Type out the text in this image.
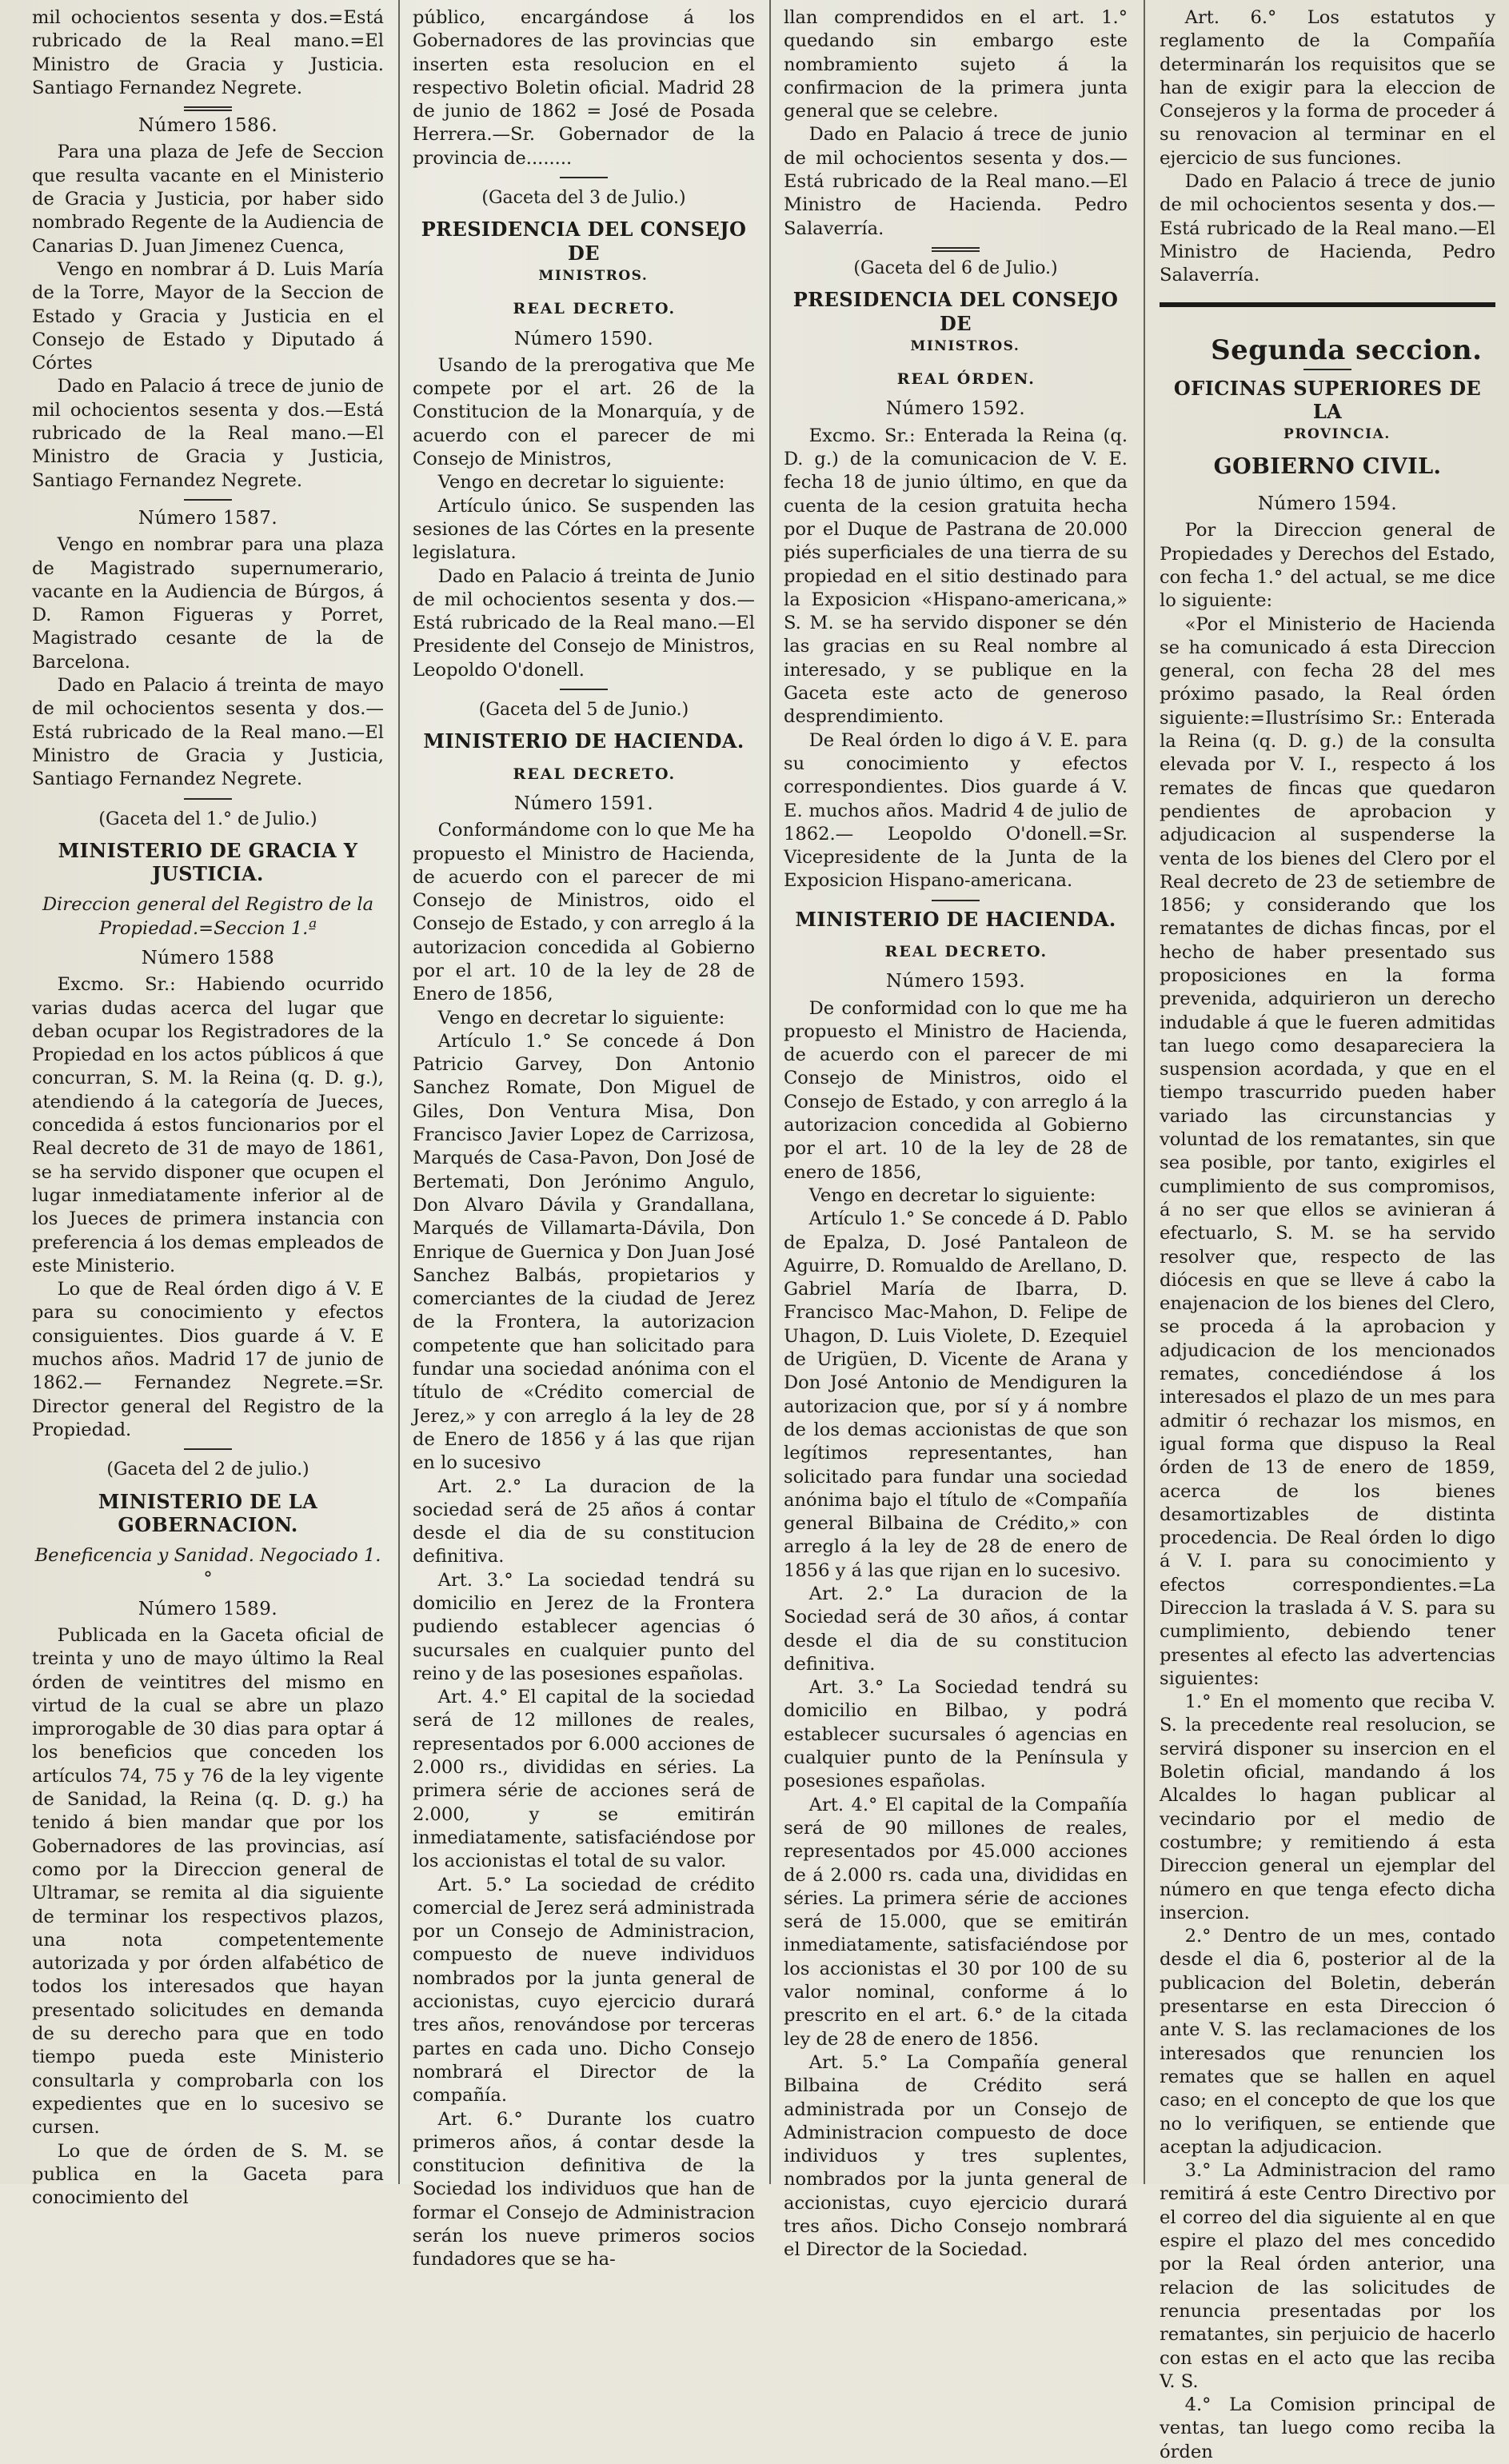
mil ochocientos sesenta y dos.=Está rubricado de la Real mano.=El Ministro de Gracia y Justicia. Santiago Fernandez Negrete.

Número 1586.

Para una plaza de Jefe de Seccion que resulta vacante en el Ministerio de Gracia y Justicia, por haber sido nombrado Regente de la Audiencia de Canarias D. Juan Jimenez Cuenca,

Vengo en nombrar á D. Luis María de la Torre, Mayor de la Seccion de Estado y Gracia y Justicia en el Consejo de Estado y Diputado á Córtes

Dado en Palacio á trece de junio de mil ochocientos sesenta y dos.—Está rubricado de la Real mano.—El Ministro de Gracia y Justicia, Santiago Fernandez Negrete.

Número 1587.

Vengo en nombrar para una plaza de Magistrado supernumerario, vacante en la Audiencia de Búrgos, á D. Ramon Figueras y Porret, Magistrado cesante de la de Barcelona.

Dado en Palacio á treinta de mayo de mil ochocientos sesenta y dos.—Está rubricado de la Real mano.—El Ministro de Gracia y Justicia, Santiago Fernandez Negrete.

(Gaceta del 1.° de Julio.)

MINISTERIO DE GRACIA Y JUSTICIA.

Direccion general del Registro de la Propiedad.=Seccion 1.ª

Número 1588

Excmo. Sr.: Habiendo ocurrido varias dudas acerca del lugar que deban ocupar los Registradores de la Propiedad en los actos públicos á que concurran, S. M. la Reina (q. D. g.), atendiendo á la categoría de Jueces, concedida á estos funcionarios por el Real decreto de 31 de mayo de 1861, se ha servido disponer que ocupen el lugar inmediatamente inferior al de los Jueces de primera instancia con preferencia á los demas empleados de este Ministerio.

Lo que de Real órden digo á V. E para su conocimiento y efectos consiguientes. Dios guarde á V. E muchos años. Madrid 17 de junio de 1862.— Fernandez Negrete.=Sr. Director general del Registro de la Propiedad.

(Gaceta del 2 de julio.)

MINISTERIO DE LA GOBERNACION.

Beneficencia y Sanidad. Negociado 1.°

Número 1589.

Publicada en la Gaceta oficial de treinta y uno de mayo último la Real órden de veintitres del mismo en virtud de la cual se abre un plazo improrogable de 30 dias para optar á los beneficios que conceden los artículos 74, 75 y 76 de la ley vigente de Sanidad, la Reina (q. D. g.) ha tenido á bien mandar que por los Gobernadores de las provincias, así como por la Direccion general de Ultramar, se remita al dia siguiente de terminar los respectivos plazos, una nota competentemente autorizada y por órden alfabético de todos los interesados que hayan presentado solicitudes en demanda de su derecho para que en todo tiempo pueda este Ministerio consultarla y comprobarla con los expedientes que en lo sucesivo se cursen.

Lo que de órden de S. M. se publica en la Gaceta para conocimiento del

público, encargándose á los Gobernadores de las provincias que inserten esta resolucion en el respectivo Boletin oficial. Madrid 28 de junio de 1862 = José de Posada Herrera.—Sr. Gobernador de la provincia de........

(Gaceta del 3 de Julio.)

PRESIDENCIA DEL CONSEJO DE

MINISTROS.

REAL DECRETO.

Número 1590.

Usando de la prerogativa que Me compete por el art. 26 de la Constitucion de la Monarquía, y de acuerdo con el parecer de mi Consejo de Ministros,

Vengo en decretar lo siguiente:

Artículo único. Se suspenden las sesiones de las Córtes en la presente legislatura.

Dado en Palacio á treinta de Junio de mil ochocientos sesenta y dos.—Está rubricado de la Real mano.—El Presidente del Consejo de Ministros, Leopoldo O'donell.

(Gaceta del 5 de Junio.)

MINISTERIO DE HACIENDA.

REAL DECRETO.

Número 1591.

Conformándome con lo que Me ha propuesto el Ministro de Hacienda, de acuerdo con el parecer de mi Consejo de Ministros, oido el Consejo de Estado, y con arreglo á la autorizacion concedida al Gobierno por el art. 10 de la ley de 28 de Enero de 1856,

Vengo en decretar lo siguiente:

Artículo 1.° Se concede á Don Patricio Garvey, Don Antonio Sanchez Romate, Don Miguel de Giles, Don Ventura Misa, Don Francisco Javier Lopez de Carrizosa, Marqués de Casa-Pavon, Don José de Bertemati, Don Jerónimo Angulo, Don Alvaro Dávila y Grandallana, Marqués de Villamarta-Dávila, Don Enrique de Guernica y Don Juan José Sanchez Balbás, propietarios y comerciantes de la ciudad de Jerez de la Frontera, la autorizacion competente que han solicitado para fundar una sociedad anónima con el título de «Crédito comercial de Jerez,» y con arreglo á la ley de 28 de Enero de 1856 y á las que rijan en lo sucesivo

Art. 2.° La duracion de la sociedad será de 25 años á contar desde el dia de su constitucion definitiva.

Art. 3.° La sociedad tendrá su domicilio en Jerez de la Frontera pudiendo establecer agencias ó sucursales en cualquier punto del reino y de las posesiones españolas.

Art. 4.° El capital de la sociedad será de 12 millones de reales, representados por 6.000 acciones de 2.000 rs., divididas en séries. La primera série de acciones será de 2.000, y se emitirán inmediatamente, satisfaciéndose por los accionistas el total de su valor.

Art. 5.° La sociedad de crédito comercial de Jerez será administrada por un Consejo de Administracion, compuesto de nueve individuos nombrados por la junta general de accionistas, cuyo ejercicio durará tres años, renovándose por terceras partes en cada uno. Dicho Consejo nombrará el Director de la compañía.

Art. 6.° Durante los cuatro primeros años, á contar desde la constitucion definitiva de la Sociedad los individuos que han de formar el Consejo de Administracion serán los nueve primeros socios fundadores que se ha-

llan comprendidos en el art. 1.° quedando sin embargo este nombramiento sujeto á la confirmacion de la primera junta general que se celebre.

Dado en Palacio á trece de junio de mil ochocientos sesenta y dos.—Está rubricado de la Real mano.—El Ministro de Hacienda. Pedro Salaverría.

(Gaceta del 6 de Julio.)

PRESIDENCIA DEL CONSEJO DE

MINISTROS.

REAL ÓRDEN.

Número 1592.

Excmo. Sr.: Enterada la Reina (q. D. g.) de la comunicacion de V. E. fecha 18 de junio último, en que da cuenta de la cesion gratuita hecha por el Duque de Pastrana de 20.000 piés superficiales de una tierra de su propiedad en el sitio destinado para la Exposicion «Hispano-americana,» S. M. se ha servido disponer se dén las gracias en su Real nombre al interesado, y se publique en la Gaceta este acto de generoso desprendimiento.

De Real órden lo digo á V. E. para su conocimiento y efectos correspondientes. Dios guarde á V. E. muchos años. Madrid 4 de julio de 1862.— Leopoldo O'donell.=Sr. Vicepresidente de la Junta de la Exposicion Hispano-americana.

MINISTERIO DE HACIENDA.

REAL DECRETO.

Número 1593.

De conformidad con lo que me ha propuesto el Ministro de Hacienda, de acuerdo con el parecer de mi Consejo de Ministros, oido el Consejo de Estado, y con arreglo á la autorizacion concedida al Gobierno por el art. 10 de la ley de 28 de enero de 1856,

Vengo en decretar lo siguiente:

Artículo 1.° Se concede á D. Pablo de Epalza, D. José Pantaleon de Aguirre, D. Romualdo de Arellano, D. Gabriel María de Ibarra, D. Francisco Mac-Mahon, D. Felipe de Uhagon, D. Luis Violete, D. Ezequiel de Urigüen, D. Vicente de Arana y Don José Antonio de Mendiguren la autorizacion que, por sí y á nombre de los demas accionistas de que son legítimos representantes, han solicitado para fundar una sociedad anónima bajo el título de «Compañía general Bilbaina de Crédito,» con arreglo á la ley de 28 de enero de 1856 y á las que rijan en lo sucesivo.

Art. 2.° La duracion de la Sociedad será de 30 años, á contar desde el dia de su constitucion definitiva.

Art. 3.° La Sociedad tendrá su domicilio en Bilbao, y podrá establecer sucursales ó agencias en cualquier punto de la Península y posesiones españolas.

Art. 4.° El capital de la Compañía será de 90 millones de reales, representados por 45.000 acciones de á 2.000 rs. cada una, divididas en séries. La primera série de acciones será de 15.000, que se emitirán inmediatamente, satisfaciéndose por los accionistas el 30 por 100 de su valor nominal, conforme á lo prescrito en el art. 6.° de la citada ley de 28 de enero de 1856.

Art. 5.° La Compañía general Bilbaina de Crédito será administrada por un Consejo de Administracion compuesto de doce individuos y tres suplentes, nombrados por la junta general de accionistas, cuyo ejercicio durará tres años. Dicho Consejo nombrará el Director de la Sociedad.

Art. 6.° Los estatutos y reglamento de la Compañía determinarán los requisitos que se han de exigir para la eleccion de Consejeros y la forma de proceder á su renovacion al terminar en el ejercicio de sus funciones.

Dado en Palacio á trece de junio de mil ochocientos sesenta y dos.—Está rubricado de la Real mano.—El Ministro de Hacienda, Pedro Salaverría.

Segunda seccion.

OFICINAS SUPERIORES DE LA

PROVINCIA.

GOBIERNO CIVIL.

Número 1594.

Por la Direccion general de Propiedades y Derechos del Estado, con fecha 1.° del actual, se me dice lo siguiente:

«Por el Ministerio de Hacienda se ha comunicado á esta Direccion general, con fecha 28 del mes próximo pasado, la Real órden siguiente:=Ilustrísimo Sr.: Enterada la Reina (q. D. g.) de la consulta elevada por V. I., respecto á los remates de fincas que quedaron pendientes de aprobacion y adjudicacion al suspenderse la venta de los bienes del Clero por el Real decreto de 23 de setiembre de 1856; y considerando que los rematantes de dichas fincas, por el hecho de haber presentado sus proposiciones en la forma prevenida, adquirieron un derecho indudable á que le fueren admitidas tan luego como desapareciera la suspension acordada, y que en el tiempo trascurrido pueden haber variado las circunstancias y voluntad de los rematantes, sin que sea posible, por tanto, exigirles el cumplimiento de sus compromisos, á no ser que ellos se avinieran á efectuarlo, S. M. se ha servido resolver que, respecto de las diócesis en que se lleve á cabo la enajenacion de los bienes del Clero, se proceda á la aprobacion y adjudicacion de los mencionados remates, concediéndose á los interesados el plazo de un mes para admitir ó rechazar los mismos, en igual forma que dispuso la Real órden de 13 de enero de 1859, acerca de los bienes desamortizables de distinta procedencia. De Real órden lo digo á V. I. para su conocimiento y efectos correspondientes.=La Direccion la traslada á V. S. para su cumplimiento, debiendo tener presentes al efecto las advertencias siguientes:

1.° En el momento que reciba V. S. la precedente real resolucion, se servirá disponer su insercion en el Boletin oficial, mandando á los Alcaldes lo hagan publicar al vecindario por el medio de costumbre; y remitiendo á esta Direccion general un ejemplar del número en que tenga efecto dicha insercion.

2.° Dentro de un mes, contado desde el dia 6, posterior al de la publicacion del Boletin, deberán presentarse en esta Direccion ó ante V. S. las reclamaciones de los interesados que renuncien los remates que se hallen en aquel caso; en el concepto de que los que no lo verifiquen, se entiende que aceptan la adjudicacion.

3.° La Administracion del ramo remitirá á este Centro Directivo por el correo del dia siguiente al en que espire el plazo del mes concedido por la Real órden anterior, una relacion de las solicitudes de renuncia presentadas por los rematantes, sin perjuicio de hacerlo con estas en el acto que las reciba V. S.

4.° La Comision principal de ventas, tan luego como reciba la órden
